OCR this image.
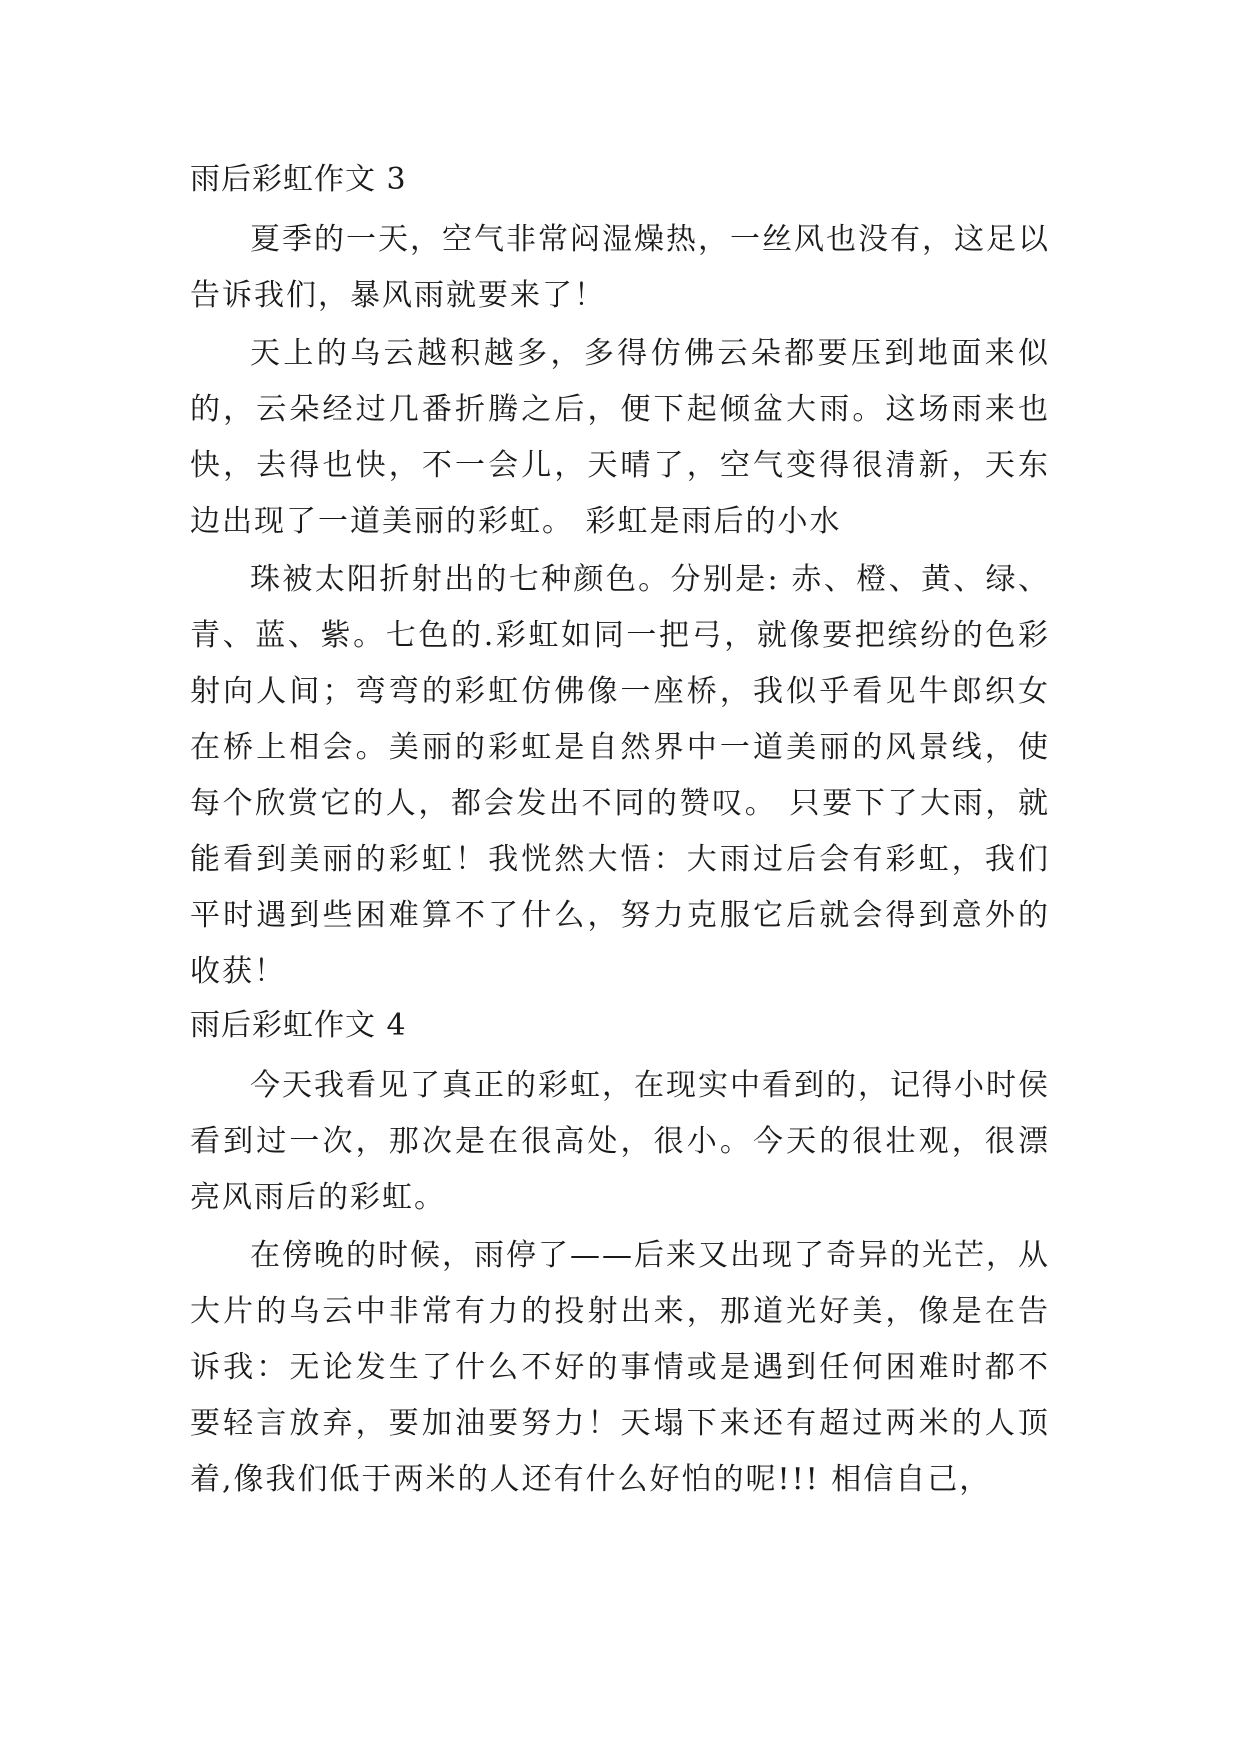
雨后彩虹作文 3

夏季的一天，空气非常闷湿燥热，一丝风也没有，这足以告诉我们，暴风雨就要来了！

天上的乌云越积越多，多得仿佛云朵都要压到地面来似的，云朵经过几番折腾之后，便下起倾盆大雨。这场雨来也快，去得也快，不一会儿，天晴了，空气变得很清新，天东边出现了一道美丽的彩虹。 彩虹是雨后的小水

珠被太阳折射出的七种颜色。分别是: 赤、橙、黄、绿、青、蓝、紫。七色的.彩虹如同一把弓，就像要把缤纷的色彩射向人间；弯弯的彩虹仿佛像一座桥，我似乎看见牛郎织女在桥上相会。美丽的彩虹是自然界中一道美丽的风景线，使每个欣赏它的人，都会发出不同的赞叹。 只要下了大雨，就能看到美丽的彩虹！我恍然大悟：大雨过后会有彩虹，我们平时遇到些困难算不了什么，努力克服它后就会得到意外的收获！

雨后彩虹作文 4

今天我看见了真正的彩虹，在现实中看到的，记得小时侯看到过一次，那次是在很高处，很小。今天的很壮观，很漂亮风雨后的彩虹。

在傍晚的时候，雨停了——后来又出现了奇异的光芒，从大片的乌云中非常有力的投射出来，那道光好美，像是在告诉我：无论发生了什么不好的事情或是遇到任何困难时都不要轻言放弃，要加油要努力！天塌下来还有超过两米的人顶着,像我们低于两米的人还有什么好怕的呢!!! 相信自己，
